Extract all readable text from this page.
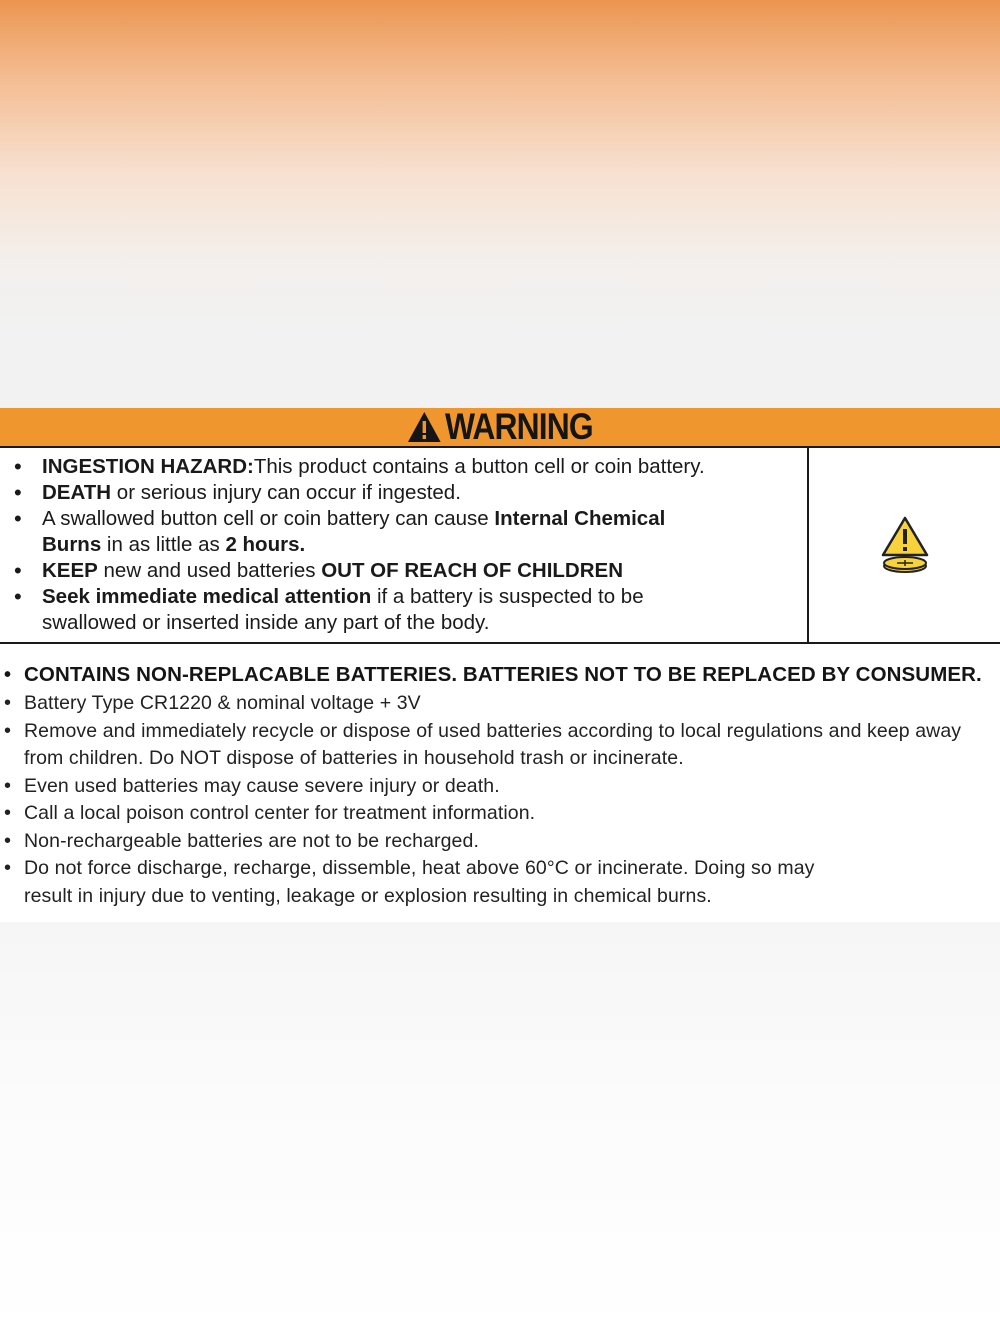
WARNING
• INGESTION HAZARD:This product contains a button cell or coin battery.
• DEATH or serious injury can occur if ingested.
• A swallowed button cell or coin battery can cause Internal Chemical
Burns in as little as 2 hours.
• KEEP new and used batteries OUT OF REACH OF CHILDREN
• Seek immediate medical attention if a battery is suspected to be
swallowed or inserted inside any part of the body.
• CONTAINS NON-REPLACABLE BATTERIES. BATTERIES NOT TO BE REPLACED BY CONSUMER.
• Battery Type CR1220 & nominal voltage + 3V
• Remove and immediately recycle or dispose of used batteries according to local regulations and keep away
from children. Do NOT dispose of batteries in household trash or incinerate.
• Even used batteries may cause severe injury or death.
• Call a local poison control center for treatment information.
• Non-rechargeable batteries are not to be recharged.
• Do not force discharge, recharge, dissemble, heat above 60°C or incinerate. Doing so may
result in injury due to venting, leakage or explosion resulting in chemical burns.
